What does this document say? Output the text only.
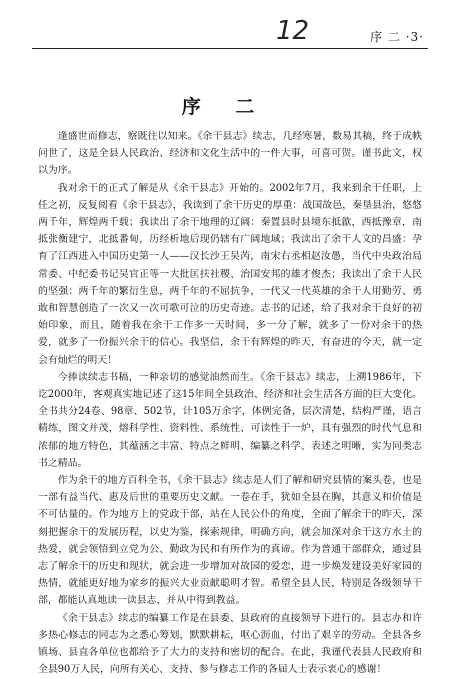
12	序 二 ·3·
序 二

逢盛世而修志，察既往以知来。《余干县志》续志，几经寒暑，数易其稿，终于成帙问世了，这是全县人民政治、经济和文化生活中的一件大事，可喜可贺。谨书此文，权以为序。

我对余干的正式了解是从《余干县志》开始的。2002年7月，我来到余干任职，上任之初，反复阅看《余干县志》，我读到了余干历史的厚重：战国故邑，秦垦县治，悠悠两千年，辉煌两千载；我读出了余干地理的辽阔：秦置县时县境东抵歙，西抵豫章，南抵张衡建宁，北抵番甸，历经析地后现仍辖有广阔地域；我读出了余干人文的昌盛：孕育了江西进入中国历史第一人——汉长沙王吴芮，南宋右丞相赵汝愚，当代中央政治局常委、中纪委书记吴官正等一大批匡扶社稷、治国安邦的雄才俊杰；我读出了余干人民的坚强：两千年的繁衍生息，两千年的不屈抗争，一代又一代英雄的余干人用勤劳、勇敢和智慧创造了一次又一次可歌可泣的历史奇迹。志书的记述，给了我对余干良好的初始印象，而且，随着我在余干工作多一天时间，多一分了解，就多了一份对余干的热爱，就多了一份振兴余干的信心。我坚信，余干有辉煌的昨天，有奋进的今天，就一定会有灿烂的明天！

今捧读续志书稿，一种亲切的感觉油然而生。《余干县志》续志，上溯1986年，下讫2000年，客观真实地记述了这15年间全县政治、经济和社会生活各方面的巨大变化。全书共分24卷、98章、502节，计105万余字，体例完备，层次清楚，结构严谨，语言精练，图文并茂，熔科学性、资料性、系统性、可读性于一炉，具有强烈的时代气息和浓郁的地方特色，其蕴涵之丰富、特点之鲜明、编纂之科学、表述之明晰，实为同类志书之精品。

作为余干的地方百科全书，《余干县志》续志是人们了解和研究县情的案头卷，也是一部有益当代、惠及后世的重要历史文献。一卷在手，犹如全县在胸，其意义和价值是不可估量的。作为地方上的党政干部，站在人民公仆的角度，全面了解余干的昨天，深刻把握余干的发展历程，以史为鉴，探索规律，明确方向，就会加深对余干这方水土的热爱，就会领悟到立党为公、勤政为民和有所作为的真谛。作为普通干部群众，通过县志了解余干的历史和现状，就会进一步增加对故园的爱恋，进一步焕发建设美好家园的热情，就能更好地为家乡的振兴大业贡献聪明才智。希望全县人民，特别是各级领导干部，都能认真地读一读县志，并从中得到教益。

《余干县志》续志的编纂工作是在县委、县政府的直接领导下进行的。县志办和许多热心修志的同志为之悉心筹划，默默耕耘，呕心沥血，付出了艰辛的劳动。全县各乡镇场、县直各单位也都给予了大力的支持和密切的配合。在此，我谨代表县人民政府和全县90万人民，向所有关心、支持、参与修志工作的各届人士表示衷心的感谢！
